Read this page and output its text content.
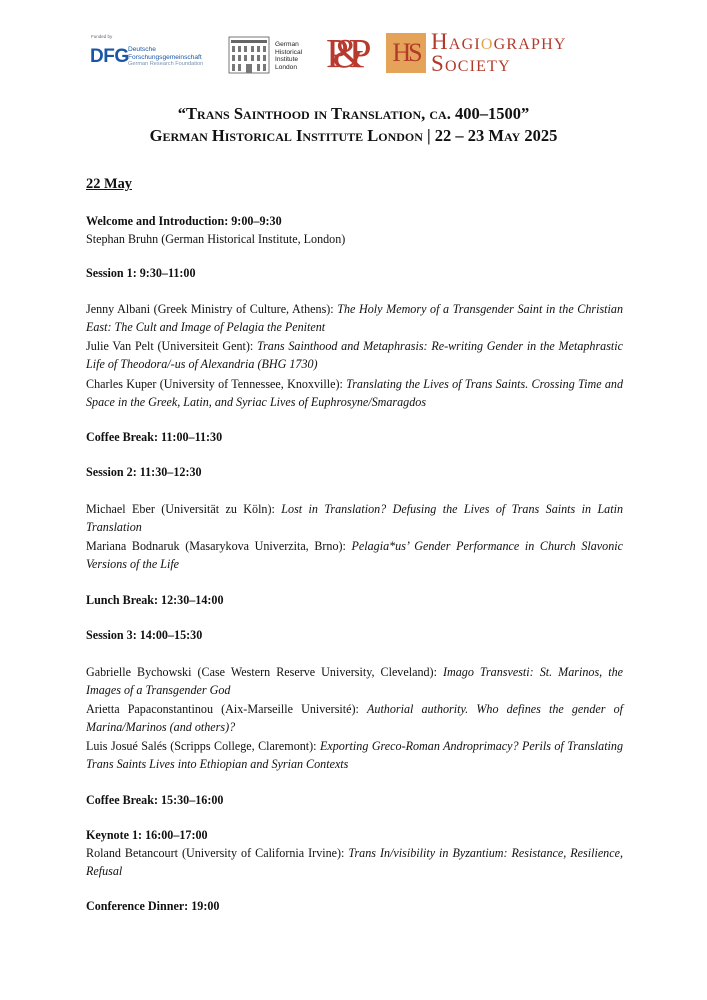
Funded by
DFG Deutsche
Forschungsgemeinschaft
German Research Foundation
German
Historical
Institute
London P&P HS Hagiography
Society
“Trans Sainthood in Translation, ca. 400–1500”
German Historical Institute London | 22 – 23 May 2025
22 May
Welcome and Introduction: 9:00–9:30
Stephan Bruhn (German Historical Institute, London)
Session 1: 9:30–11:00
Jenny Albani (Greek Ministry of Culture, Athens): The Holy Memory of a Transgender Saint in the Christian East: The Cult and Image of Pelagia the Penitent
Julie Van Pelt (Universiteit Gent): Trans Sainthood and Metaphrasis: Re-writing Gender in the Metaphrastic Life of Theodora/-us of Alexandria (BHG 1730)
Charles Kuper (University of Tennessee, Knoxville): Translating the Lives of Trans Saints. Crossing Time and Space in the Greek, Latin, and Syriac Lives of Euphrosyne/Smaragdos
Coffee Break: 11:00–11:30
Session 2: 11:30–12:30
Michael Eber (Universität zu Köln): Lost in Translation? Defusing the Lives of Trans Saints in Latin Translation
Mariana Bodnaruk (Masarykova Univerzita, Brno): Pelagia*us’ Gender Performance in Church Slavonic Versions of the Life
Lunch Break: 12:30–14:00
Session 3: 14:00–15:30
Gabrielle Bychowski (Case Western Reserve University, Cleveland): Imago Transvesti: St. Marinos, the Images of a Transgender God
Arietta Papaconstantinou (Aix-Marseille Université): Authorial authority. Who defines the gender of Marina/Marinos (and others)?
Luis Josué Salés (Scripps College, Claremont): Exporting Greco-Roman Androprimacy? Perils of Translating Trans Saints Lives into Ethiopian and Syrian Contexts
Coffee Break: 15:30–16:00
Keynote 1: 16:00–17:00
Roland Betancourt (University of California Irvine): Trans In/visibility in Byzantium: Resistance, Resilience, Refusal
Conference Dinner: 19:00
